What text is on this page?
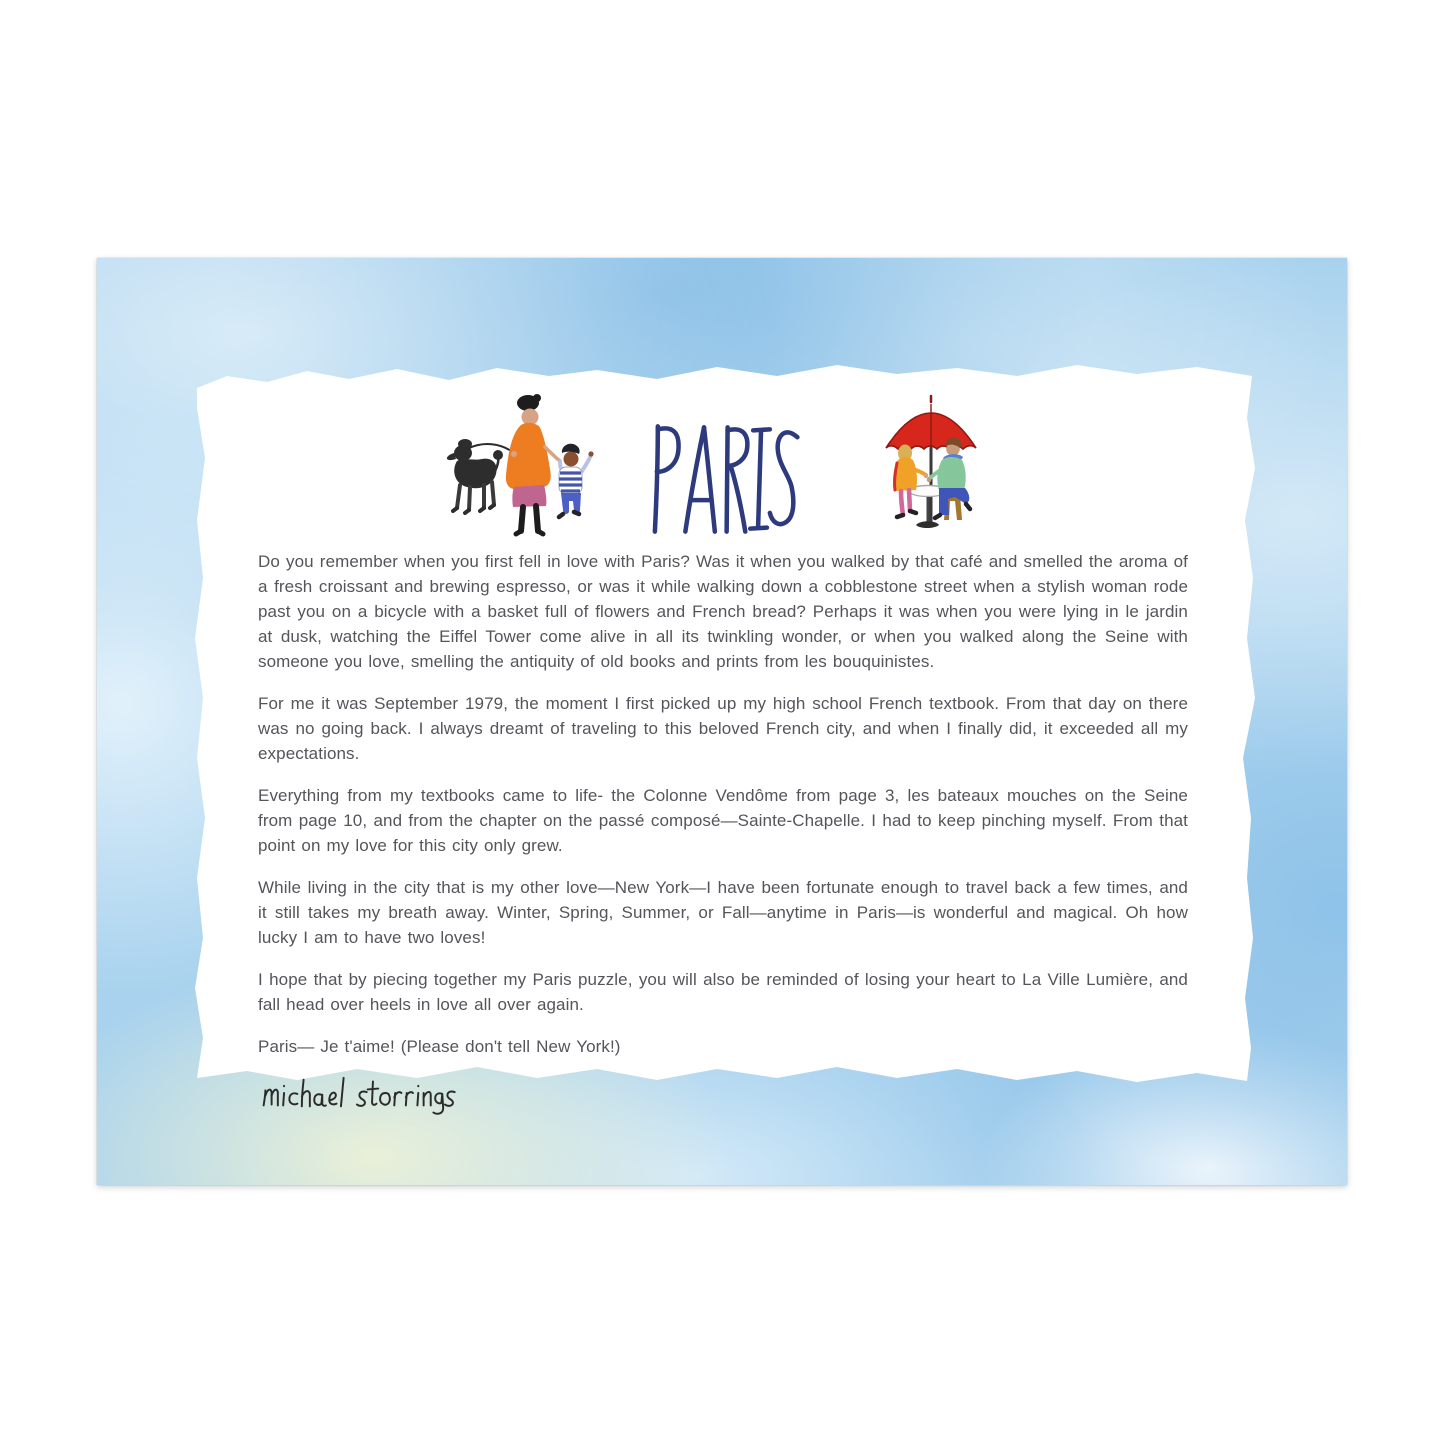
Do you remember when you first fell in love with Paris? Was it when you walked by that café and smelled the aroma of a fresh croissant and brewing espresso, or was it while walking down a cobblestone street when a stylish woman rode past you on a bicycle with a basket full of flowers and French bread? Perhaps it was when you were lying in le jardin at dusk, watching the Eiffel Tower come alive in all its twinkling wonder, or when you walked along the Seine with someone you love, smelling the antiquity of old books and prints from les bouquinistes.

For me it was September 1979, the moment I first picked up my high school French textbook. From that day on there was no going back. I always dreamt of traveling to this beloved French city, and when I finally did, it exceeded all my expectations.

Everything from my textbooks came to life- the Colonne Vendôme from page 3, les bateaux mouches on the Seine from page 10, and from the chapter on the passé composé—Sainte-Chapelle. I had to keep pinching myself. From that point on my love for this city only grew.

While living in the city that is my other love—New York—I have been fortunate enough to travel back a few times, and it still takes my breath away. Winter, Spring, Summer, or Fall—anytime in Paris—is wonderful and magical. Oh how lucky I am to have two loves!

I hope that by piecing together my Paris puzzle, you will also be reminded of losing your heart to La Ville Lumière, and fall head over heels in love all over again.

Paris— Je t'aime! (Please don't tell New York!)
